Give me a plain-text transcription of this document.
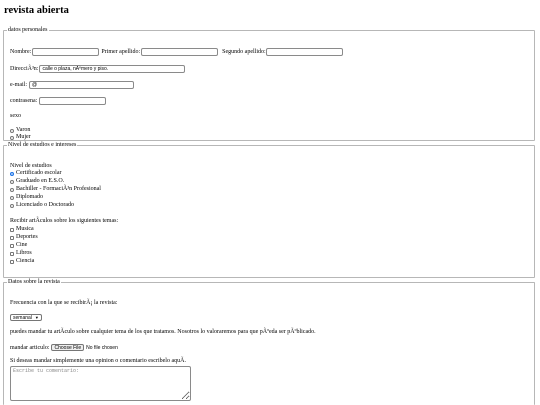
revista abierta
datos personales
Nombre:	Primer apellido:	Segundo apellido:
DirecciÃ³n:
calle o plaza, nÃºmero y piso.
e-mail:
@
contrasena:
sexo
Varon
Mujer
Nivel de estudios e intereses
Nivel de estudios
Certificado escolar
Graduado en E.S.O.
Bachiller - FormaciÃ³n Profesional
Diplomado
Licenciado o Doctorado
Recibir artÃculos sobre los siguientes temas:
Musica
Deportes
Cine
Libros
Ciencia
Datos sobre la revista
Frecuencia con la que se recibirÃ¡ la revista:
semanal ▼
puedes mandar tu artÃculo sobre cualquier tema de los que tratamos. Nosotros lo valoraremos para que pÃºeda ser pÃºblicado.
mandar articulo:	Choose File	No file chosen
Si deseas mandar simplemente una opinion o comentario escribelo aquÃ.
Escribe tu comentario:
